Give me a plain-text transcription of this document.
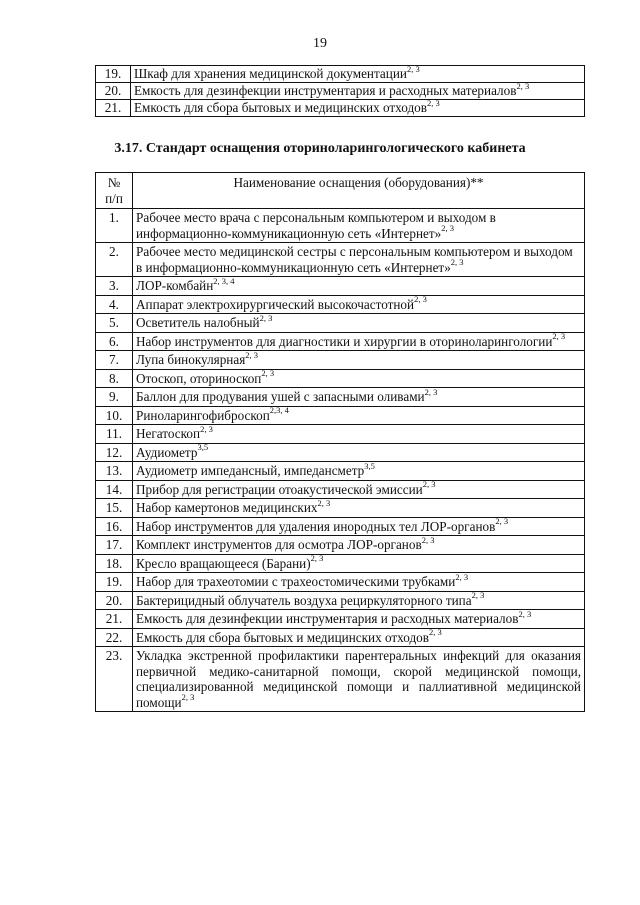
19
19.	Шкаф для хранения медицинской документации$^{2, 3}$
20.	Емкость для дезинфекции инструментария и расходных материалов$^{2, 3}$
21.	Емкость для сбора бытовых и медицинских отходов$^{2, 3}$
3.17. Стандарт оснащения оториноларингологического кабинета
№
п/п	Наименование оснащения (оборудования)**
1.	Рабочее место врача с персональным компьютером и выходом в информационно-коммуникационную сеть «Интернет»$^{2, 3}$
2.	Рабочее место медицинской сестры с персональным компьютером и выходом в информационно-коммуникационную сеть «Интернет»$^{2, 3}$
3.	ЛОР-комбайн$^{2, 3, 4}$
4.	Аппарат электрохирургический высокочастотной$^{2, 3}$
5.	Осветитель налобный$^{2, 3}$
6.	Набор инструментов для диагностики и хирургии в оториноларингологии$^{2, 3}$
7.	Лупа бинокулярная$^{2, 3}$
8.	Отоскоп, оториноскоп$^{2, 3}$
9.	Баллон для продувания ушей с запасными оливами$^{2, 3}$
10.	Риноларингофиброскоп$^{2,3, 4}$
11.	Негатоскоп$^{2, 3}$
12.	Аудиометр$^{3,5}$
13.	Аудиометр импедансный, импедансметр$^{3,5}$
14.	Прибор для регистрации отоакустической эмиссии$^{2, 3}$
15.	Набор камертонов медицинских$^{2, 3}$
16.	Набор инструментов для удаления инородных тел ЛОР-органов$^{2, 3}$
17.	Комплект инструментов для осмотра ЛОР-органов$^{2, 3}$
18.	Кресло вращающееся (Барани)$^{2, 3}$
19.	Набор для трахеотомии с трахеостомическими трубками$^{2, 3}$
20.	Бактерицидный облучатель воздуха рециркуляторного типа$^{2, 3}$
21.	Емкость для дезинфекции инструментария и расходных материалов$^{2, 3}$
22.	Емкость для сбора бытовых и медицинских отходов$^{2, 3}$
23.	Укладка экстренной профилактики парентеральных инфекций для оказания первичной медико-санитарной помощи, скорой медицинской помощи, специализированной медицинской помощи и паллиативной медицинской помощи$^{2, 3}$
